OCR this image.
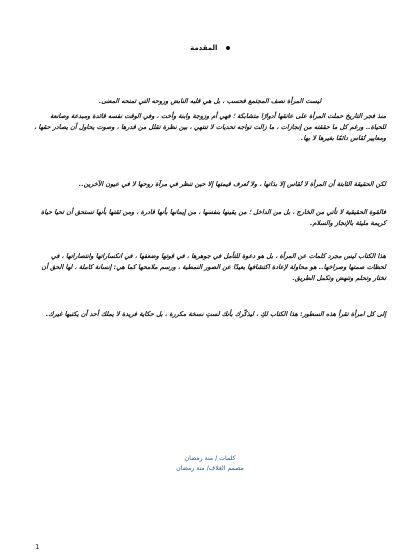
المقدمة

ليست المرأة نصف المجتمع فحسب ، بل هي قلبه النابض وروحه التي تمنحه المعنى.

منذ فجر التاريخ حملت المرأة على عاتقها أدوارًا متشابكة ؛ فهي أم وزوجة وابنة وأخت ، وفي الوقت نفسه قائدة ومبدعة وصانعة للحياة.. ورغم كل ما حققته من إنجازات ، ما زالت تواجه تحديات لا تنتهي ، بين نظرة تقلل من قدرها ، وصوت يحاول أن يصادر حقها ، ومعايير تُقاس دائمًا بغيرها لا بها.

لكن الحقيقة الثابتة أن المرأة لا تُقاس إلا بذاتها ، ولا تُعرف قيمتها إلا حين تنظر في مرآة روحها لا في عيون الآخرين..

فالقوة الحقيقية لا تأتي من الخارج ، بل من الداخل ؛ من يقينها بنفسها ، من إيمانها بأنها قادرة ، ومن ثقتها بأنها تستحق أن تحيا حياة كريمة مليئة بالإنجاز والسلام.

هذا الكتاب ليس مجرد كلمات عن المرأة ، بل هو دعوة للتأمل في جوهرها ، في قوتها وضعفها ، في انكساراتها وانتصاراتها ، في لحظات صمتها وصراخها.. هو محاولة لإعادة اكتشافها بعيدًا عن الصور النمطية ، ورسم ملامحها كما هي: إنسانة كاملة ، لها الحق أن تختار وتحلم وتنهض وتكمل الطريق.

إلى كل امرأة تقرأ هذه السطور: هذا الكتاب لكِ ، ليذكّرك بأنك لستِ نسخة مكررة ، بل حكاية فريدة لا يملك أحد أن يكتبها غيرك.

كلمات / منة رمضان
مصمم الغلاف/ منة رمضان
1
